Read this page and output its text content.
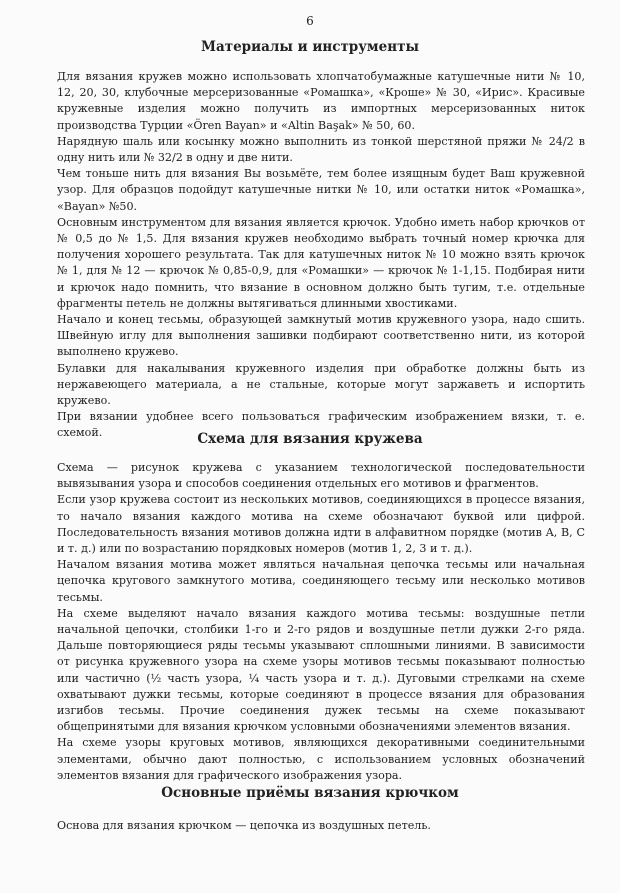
6
Материалы и инструменты

Для вязания кружев можно использовать хлопчатобумажные катушечные нити № 10, 12, 20, 30, клубочные мерсеризованные «Ромашка», «Кроше» № 30, «Ирис». Красивые кружевные изделия можно получить из импортных мерсеризованных ниток производства Турции «Ören Bayan» и «Altin Başak» № 50, 60.

Нарядную шаль или косынку можно выполнить из тонкой шерстяной пряжи № 24/2 в одну нить или № 32/2 в одну и две нити.

Чем тоньше нить для вязания Вы возьмёте, тем более изящным будет Ваш кружевной узор. Для образцов подойдут катушечные нитки № 10, или остатки ниток «Ромашка», «Bayan» №50.

Основным инструментом для вязания является крючок. Удобно иметь набор крючков от № 0,5 до № 1,5. Для вязания кружев необходимо выбрать точный номер крючка для получения хорошего результата. Так для катушечных ниток № 10 можно взять крючок № 1, для № 12 — крючок № 0,85-0,9, для «Ромашки» — крючок № 1-1,15. Подбирая нити и крючок надо помнить, что вязание в основном должно быть тугим, т.е. отдельные фрагменты петель не должны вытягиваться длинными хвостиками.

Начало и конец тесьмы, образующей замкнутый мотив кружевного узора, надо сшить. Швейную иглу для выполнения зашивки подбирают соответственно нити, из которой выполнено кружево.

Булавки для накалывания кружевного изделия при обработке должны быть из нержавеющего материала, а не стальные, которые могут заржаветь и испортить кружево.

При вязании удобнее всего пользоваться графическим изображением вязки, т. е. схемой.	Схема для вязания кружева

Схема — рисунок кружева с указанием технологической последовательности вывязывания узора и способов соединения отдельных его мотивов и фрагментов.

Если узор кружева состоит из нескольких мотивов, соединяющихся в процессе вязания, то начало вязания каждого мотива на схеме обозначают буквой или цифрой. Последовательность вязания мотивов должна идти в алфавитном порядке (мотив A, B, C и т. д.) или по возрастанию порядковых номеров (мотив 1, 2, 3 и т. д.).

Началом вязания мотива может являться начальная цепочка тесьмы или начальная цепочка кругового замкнутого мотива, соединяющего тесьму или несколько мотивов тесьмы.

На схеме выделяют начало вязания каждого мотива тесьмы: воздушные петли начальной цепочки, столбики 1-го и 2-го рядов и воздушные петли дужки 2-го ряда. Дальше повторяющиеся ряды тесьмы указывают сплошными линиями. В зависимости от рисунка кружевного узора на схеме узоры мотивов тесьмы показывают полностью или частично (½ часть узора, ¼ часть узора и т. д.). Дуговыми стрелками на схеме охватывают дужки тесьмы, которые соединяют в процессе вязания для образования изгибов тесьмы. Прочие соединения дужек тесьмы на схеме показывают общепринятыми для вязания крючком условными обозначениями элементов вязания.

На схеме узоры круговых мотивов, являющихся декоративными соединительными элементами, обычно дают полностью, с использованием условных обозначений элементов вязания для графического изображения узора.

Основные приёмы вязания крючком

Основа для вязания крючком — цепочка из воздушных петель.
